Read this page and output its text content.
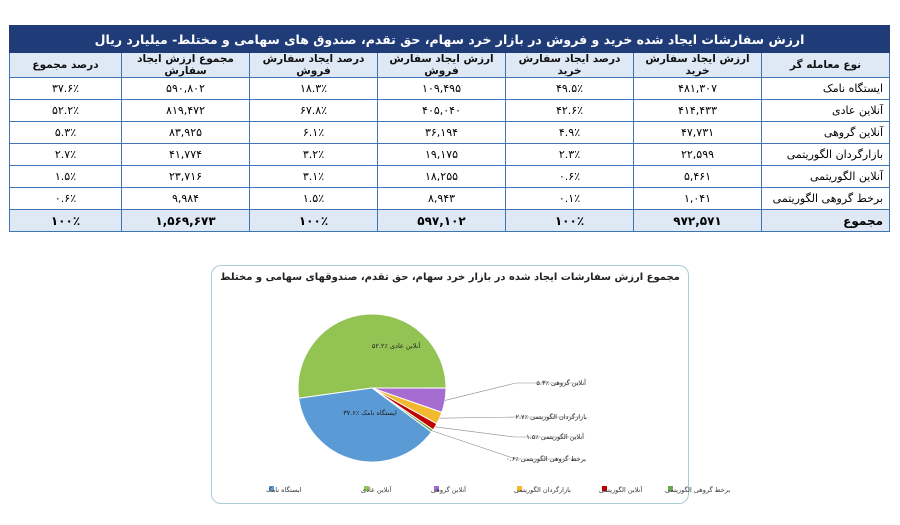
ارزش سفارشات ایجاد شده خرید و فروش در بازار خرد سهام، حق تقدم، صندوق های سهامی و مختلط- میلیارد ریال						
نوع معامله گر	ارزش ایجاد سفارش خرید	درصد ایجاد سفارش خرید	ارزش ایجاد سفارش فروش	درصد ایجاد سفارش فروش	مجموع ارزش ایجاد سفارش	درصد مجموع
ایستگاه نامک	۴۸۱,۳۰۷	۴۹.۵٪	۱۰۹,۴۹۵	۱۸.۳٪	۵۹۰,۸۰۲	۳۷.۶٪
آنلاین عادی	۴۱۴,۴۳۳	۴۲.۶٪	۴۰۵,۰۴۰	۶۷.۸٪	۸۱۹,۴۷۲	۵۲.۲٪
آنلاین گروهی	۴۷,۷۳۱	۴.۹٪	۳۶,۱۹۴	۶.۱٪	۸۳,۹۲۵	۵.۳٪
بازارگردان الگوریتمی	۲۲,۵۹۹	۲.۳٪	۱۹,۱۷۵	۳.۲٪	۴۱,۷۷۴	۲.۷٪
آنلاین الگوریتمی	۵,۴۶۱	۰.۶٪	۱۸,۲۵۵	۳.۱٪	۲۳,۷۱۶	۱.۵٪
برخط گروهی الگوریتمی	۱,۰۴۱	۰.۱٪	۸,۹۴۳	۱.۵٪	۹,۹۸۴	۰.۶٪
مجموع	۹۷۲,۵۷۱	۱۰۰٪	۵۹۷,۱۰۲	۱۰۰٪	۱,۵۶۹,۶۷۳	۱۰۰٪
مجموع ارزش سفارشات ایجاد شده در بازار خرد سهام، حق تقدم، صندوقهای سهامی و مختلط
ایستگاه نامک ٪۳۷.۶
آنلاین عادی ٪۵۲.۲
آنلاین گروهی ٪۵.۳
بازارگردان الگوریتمی ٪۲.۷
آنلاین الگوریتمی ٪۱.۵
برخط گروهی الگوریتمی ٪۰.۶
ایستگاه نامک	آنلاین عادی	آنلاین گروهی	بازارگردان الگوریتمی	آنلاین الگوریتمی	برخط گروهی الگوریتمی
